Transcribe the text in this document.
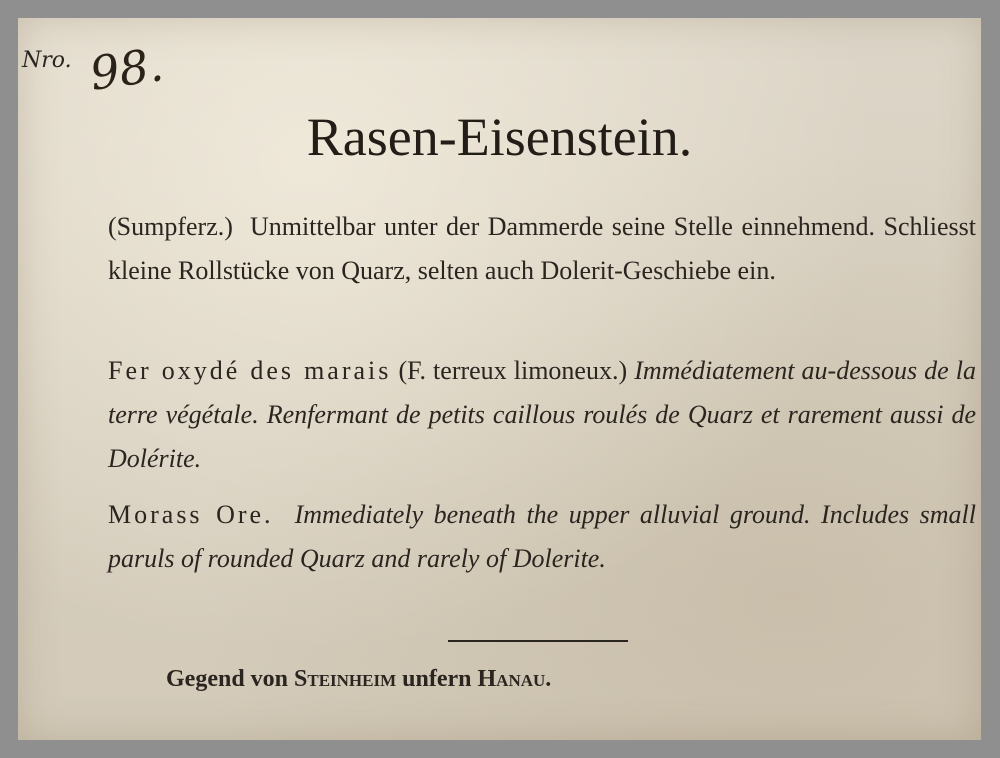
Nro. 98.
Rasen-Eisenstein.
(Sumpferz.) Unmittelbar unter der Dammerde seine Stelle einnehmend. Schliesst kleine Rollstücke von Quarz, selten auch Dolerit-Geschiebe ein.
Fer oxydé des marais (F. terreux limoneux.) Immédiatement au-dessous de la terre végétale. Renfermant de petits caillous roulés de Quarz et rarement aussi de Dolérite.
Morass Ore. Immediately beneath the upper alluvial ground. Includes small paruls of rounded Quarz and rarely of Dolerite.
Gegend von Steinheim unfern Hanau.
